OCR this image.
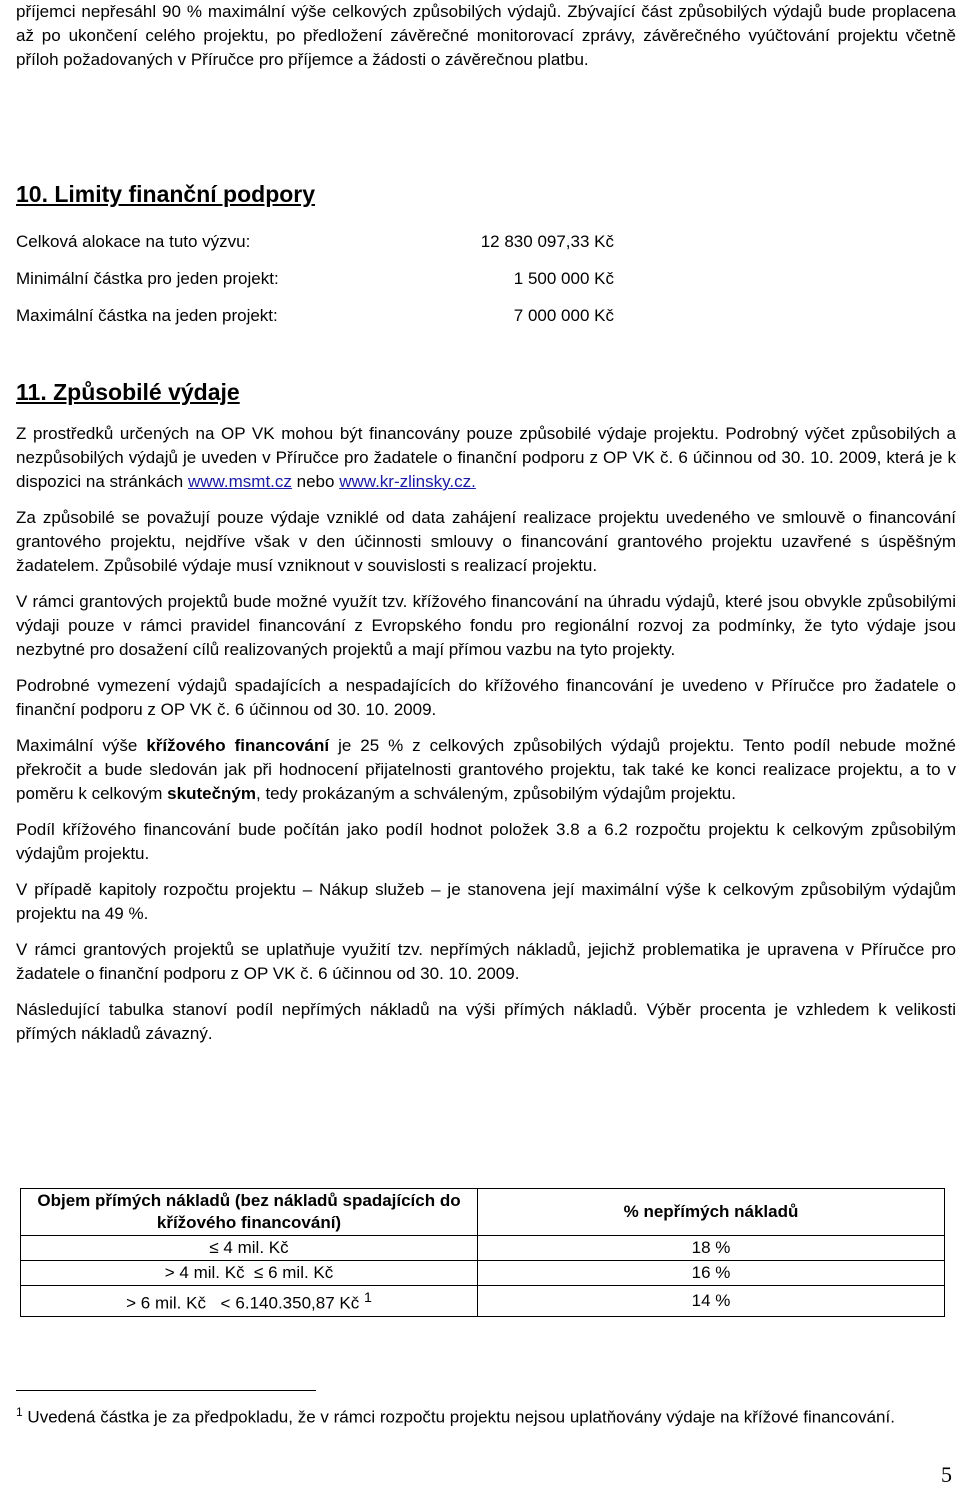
příjemci nepřesáhl 90 % maximální výše celkových způsobilých výdajů. Zbývající část způsobilých výdajů bude proplacena až po ukončení celého projektu, po předložení závěrečné monitorovací zprávy, závěrečného vyúčtování projektu včetně příloh požadovaných v Příručce pro příjemce a žádosti o závěrečnou platbu.

10. Limity finanční podpory
Celková alokace na tuto výzvu:	12 830 097,33 Kč
Minimální částka pro jeden projekt:	1 500 000 Kč
Maximální částka na jeden projekt:	7 000 000 Kč
11. Způsobilé výdaje

Z prostředků určených na OP VK mohou být financovány pouze způsobilé výdaje projektu. Podrobný výčet způsobilých a nezpůsobilých výdajů je uveden v Příručce pro žadatele o finanční podporu z OP VK č. 6 účinnou od 30. 10. 2009, která je k dispozici na stránkách www.msmt.cz nebo www.kr-zlinsky.cz.

Za způsobilé se považují pouze výdaje vzniklé od data zahájení realizace projektu uvedeného ve smlouvě o financování grantového projektu, nejdříve však v den účinnosti smlouvy o financování grantového projektu uzavřené s úspěšným žadatelem. Způsobilé výdaje musí vzniknout v souvislosti s realizací projektu.

V rámci grantových projektů bude možné využít tzv. křížového financování na úhradu výdajů, které jsou obvykle způsobilými výdaji pouze v rámci pravidel financování z Evropského fondu pro regionální rozvoj za podmínky, že tyto výdaje jsou nezbytné pro dosažení cílů realizovaných projektů a mají přímou vazbu na tyto projekty.

Podrobné vymezení výdajů spadajících a nespadajících do křížového financování je uvedeno v Příručce pro žadatele o finanční podporu z OP VK č. 6 účinnou od 30. 10. 2009.

Maximální výše křížového financování je 25 % z celkových způsobilých výdajů projektu. Tento podíl nebude možné překročit a bude sledován jak při hodnocení přijatelnosti grantového projektu, tak také ke konci realizace projektu, a to v poměru k celkovým skutečným, tedy prokázaným a schváleným, způsobilým výdajům projektu.

Podíl křížového financování bude počítán jako podíl hodnot položek 3.8 a 6.2 rozpočtu projektu k celkovým způsobilým výdajům projektu.

V případě kapitoly rozpočtu projektu – Nákup služeb – je stanovena její maximální výše k celkovým způsobilým výdajům projektu na 49 %.

V rámci grantových projektů se uplatňuje využití tzv. nepřímých nákladů, jejichž problematika je upravena v Příručce pro žadatele o finanční podporu z OP VK č. 6 účinnou od 30. 10. 2009.

Následující tabulka stanoví podíl nepřímých nákladů na výši přímých nákladů. Výběr procenta je vzhledem k velikosti přímých nákladů závazný.

Objem přímých nákladů (bez nákladů spadajících do křížového financování)	% nepřímých nákladů
≤ 4 mil. Kč	18 %
> 4 mil. Kč ≤ 6 mil. Kč	16 %
> 6 mil. Kč < 6.140.350,87 Kč $^1$	14 %
$^1$ Uvedená částka je za předpokladu, že v rámci rozpočtu projektu nejsou uplatňovány výdaje na křížové financování.
5
